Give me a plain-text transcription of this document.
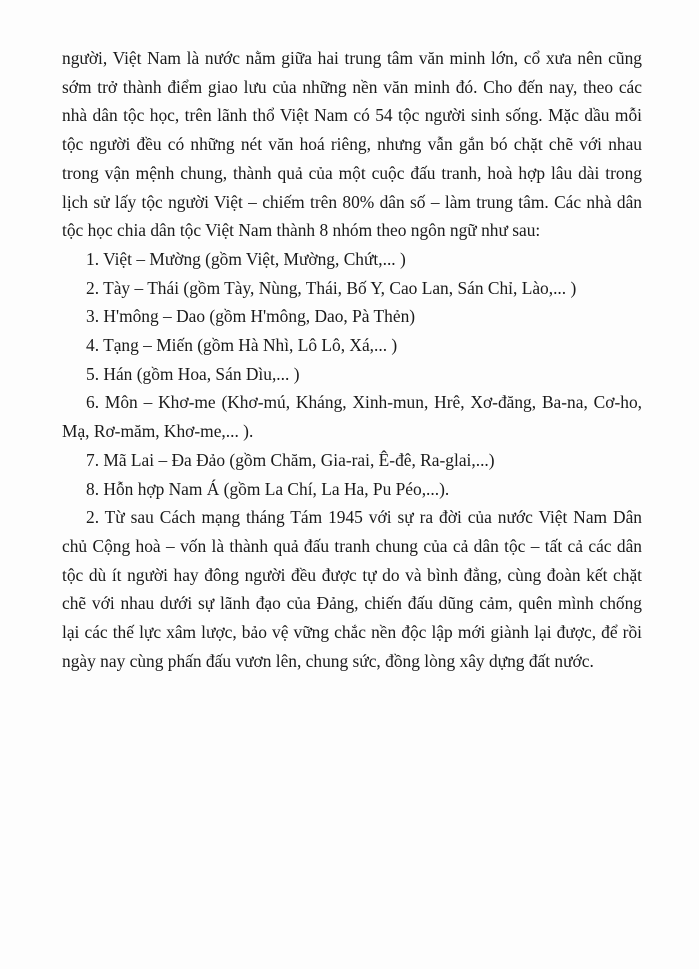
người, Việt Nam là nước nằm giữa hai trung tâm văn minh lớn, cổ xưa nên cũng sớm trở thành điểm giao lưu của những nền văn minh đó. Cho đến nay, theo các nhà dân tộc học, trên lãnh thổ Việt Nam có 54 tộc người sinh sống. Mặc dầu mỗi tộc người đều có những nét văn hoá riêng, nhưng vẫn gắn bó chặt chẽ với nhau trong vận mệnh chung, thành quả của một cuộc đấu tranh, hoà hợp lâu dài trong lịch sử lấy tộc người Việt – chiếm trên 80% dân số – làm trung tâm. Các nhà dân tộc học chia dân tộc Việt Nam thành 8 nhóm theo ngôn ngữ như sau:

1. Việt – Mường (gồm Việt, Mường, Chứt,... )

2. Tày – Thái (gồm Tày, Nùng, Thái, Bố Y, Cao Lan, Sán Chỉ, Lào,... )

3. H'mông – Dao (gồm H'mông, Dao, Pà Thẻn)

4. Tạng – Miến (gồm Hà Nhì, Lô Lô, Xá,... )

5. Hán (gồm Hoa, Sán Dìu,... )

6. Môn – Khơ-me (Khơ-mú, Kháng, Xinh-mun, Hrê, Xơ-đăng, Ba-na, Cơ-ho, Mạ, Rơ-măm, Khơ-me,... ).

7. Mã Lai – Đa Đảo (gồm Chăm, Gia-rai, Ê-đê, Ra-glai,...)

8. Hỗn hợp Nam Á (gồm La Chí, La Ha, Pu Péo,...).

2. Từ sau Cách mạng tháng Tám 1945 với sự ra đời của nước Việt Nam Dân chủ Cộng hoà – vốn là thành quả đấu tranh chung của cả dân tộc – tất cả các dân tộc dù ít người hay đông người đều được tự do và bình đẳng, cùng đoàn kết chặt chẽ với nhau dưới sự lãnh đạo của Đảng, chiến đấu dũng cảm, quên mình chống lại các thế lực xâm lược, bảo vệ vững chắc nền độc lập mới giành lại được, để rồi ngày nay cùng phấn đấu vươn lên, chung sức, đồng lòng xây dựng đất nước.
